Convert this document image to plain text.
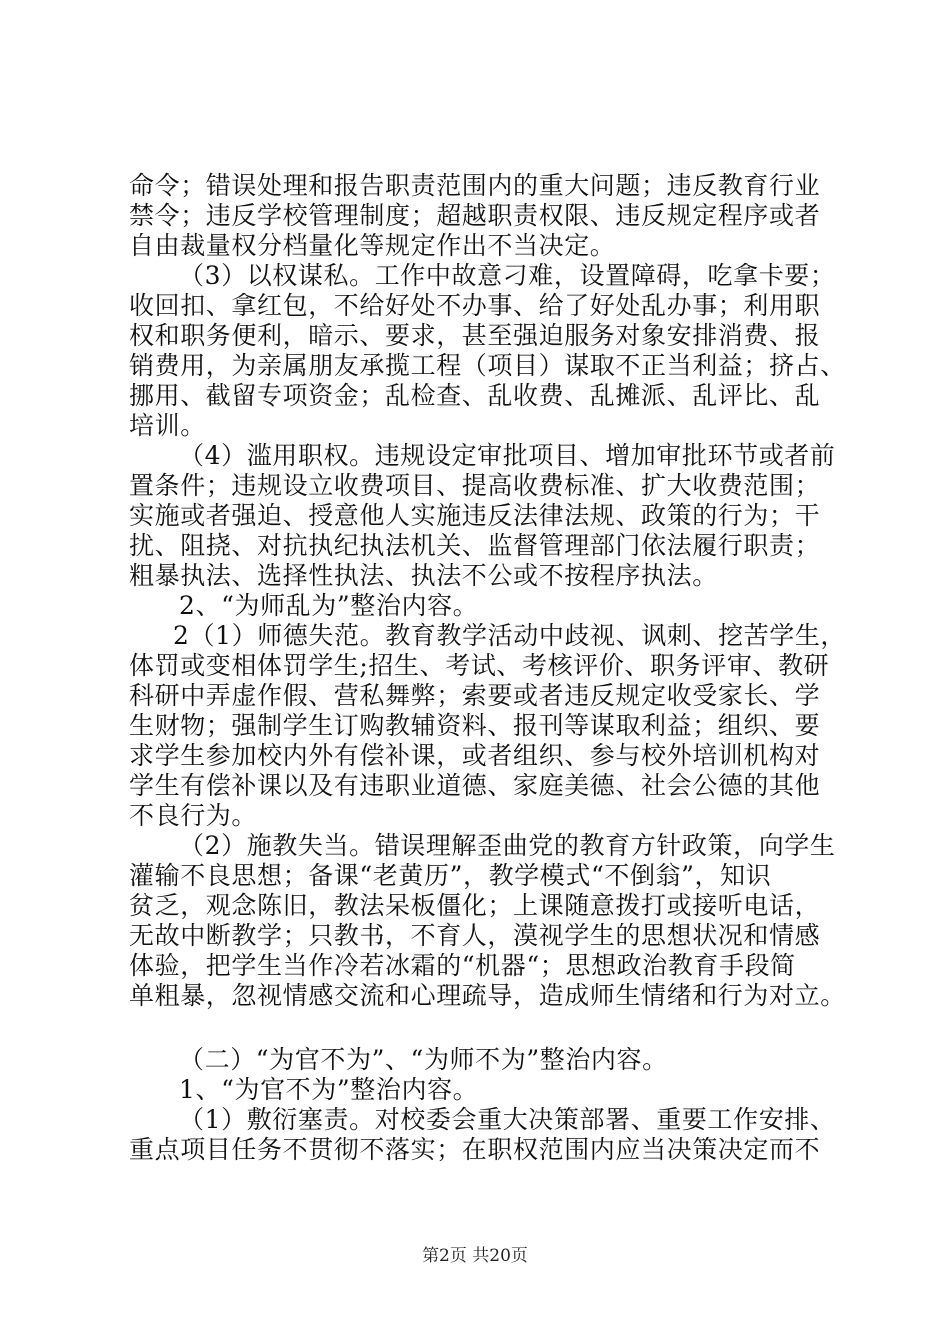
命令；错误处理和报告职责范围内的重大问题；违反教育行业
禁令；违反学校管理制度；超越职责权限、违反规定程序或者
自由裁量权分档量化等规定作出不当决定。
（3）以权谋私。工作中故意刁难，设置障碍，吃拿卡要；
收回扣、拿红包，不给好处不办事、给了好处乱办事；利用职
权和职务便利，暗示、要求，甚至强迫服务对象安排消费、报
销费用，为亲属朋友承揽工程（项目）谋取不正当利益；挤占、
挪用、截留专项资金；乱检查、乱收费、乱摊派、乱评比、乱
培训。
（4）滥用职权。违规设定审批项目、增加审批环节或者前
置条件；违规设立收费项目、提高收费标准、扩大收费范围；
实施或者强迫、授意他人实施违反法律法规、政策的行为；干
扰、阻挠、对抗执纪执法机关、监督管理部门依法履行职责；
粗暴执法、选择性执法、执法不公或不按程序执法。
2、“为师乱为”整治内容。
2（1）师德失范。教育教学活动中歧视、讽刺、挖苦学生，
体罚或变相体罚学生;招生、考试、考核评价、职务评审、教研
科研中弄虚作假、营私舞弊；索要或者违反规定收受家长、学
生财物；强制学生订购教辅资料、报刊等谋取利益；组织、要
求学生参加校内外有偿补课，或者组织、参与校外培训机构对
学生有偿补课以及有违职业道德、家庭美德、社会公德的其他
不良行为。
（2）施教失当。错误理解歪曲党的教育方针政策，向学生
灌输不良思想；备课“老黄历”，教学模式“不倒翁”，知识
贫乏，观念陈旧，教法呆板僵化；上课随意拨打或接听电话，
无故中断教学；只教书，不育人，漠视学生的思想状况和情感
体验，把学生当作冷若冰霜的“机器“；思想政治教育手段简
单粗暴，忽视情感交流和心理疏导，造成师生情绪和行为对立。
（二）“为官不为”、“为师不为”整治内容。
1、“为官不为”整治内容。
（1）敷衍塞责。对校委会重大决策部署、重要工作安排、
重点项目任务不贯彻不落实；在职权范围内应当决策决定而不
第2页 共20页
